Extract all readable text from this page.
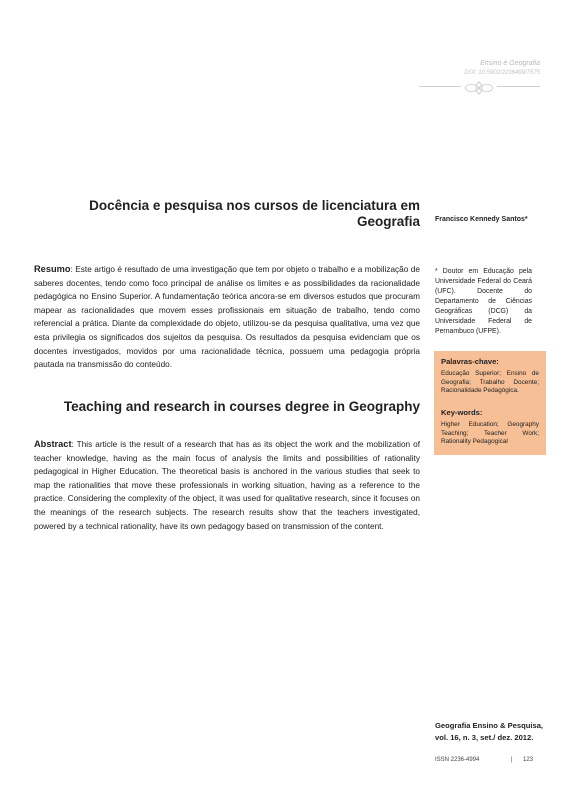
Ensino è Geografia
DOI: 10.5902/2236499/7575
Docência e pesquisa nos cursos de licenciatura em Geografia Francisco Kennedy Santos*
Resumo: Este artigo é resultado de uma investigação que tem por objeto o trabalho e a mobilização de saberes docentes, tendo como foco principal de análise os limites e as possibilidades da racionalidade pedagógica no Ensino Superior. A fundamentação teórica ancora-se em diversos estudos que procuram mapear as racionalidades que movem esses profissionais em situação de trabalho, tendo como referencial a prática. Diante da complexidade do objeto, utilizou-se da pesquisa qualitativa, uma vez que esta privilegia os significados dos sujeitos da pesquisa. Os resultados da pesquisa evidenciam que os docentes investigados, movidos por uma racionalidade técnica, possuem uma pedagogia própria pautada na transmissão do conteúdo.
* Doutor em Educação pela Universidade Federal do Ceará (UFC). Docente do Departamento de Ciências Geográficas (DCG) da Universidade Federal de Pernambuco (UFPE).
Palavras-chave:
Educação Superior; Ensino de Geografia; Trabalho Docente; Racionalidade Pedagógica.
Key-words:
Higher Education; Geography Teaching; Teacher Work; Rationality Pedagogical
Teaching and research in courses degree in Geography
Abstract: This article is the result of a research that has as its object the work and the mobilization of teacher knowledge, having as the main focus of analysis the limits and possibilities of rationality pedagogical in Higher Education. The theoretical basis is anchored in the various studies that seek to map the rationalities that move these professionals in working situation, having as a reference to the practice. Considering the complexity of the object, it was used for qualitative research, since it focuses on the meanings of the research subjects. The research results show that the teachers investigated, powered by a technical rationality, have its own pedagogy based on transmission of the content.
Geografia Ensino & Pesquisa,
vol. 16, n. 3, set./ dez. 2012.
ISSN 2236-4994	| 123
